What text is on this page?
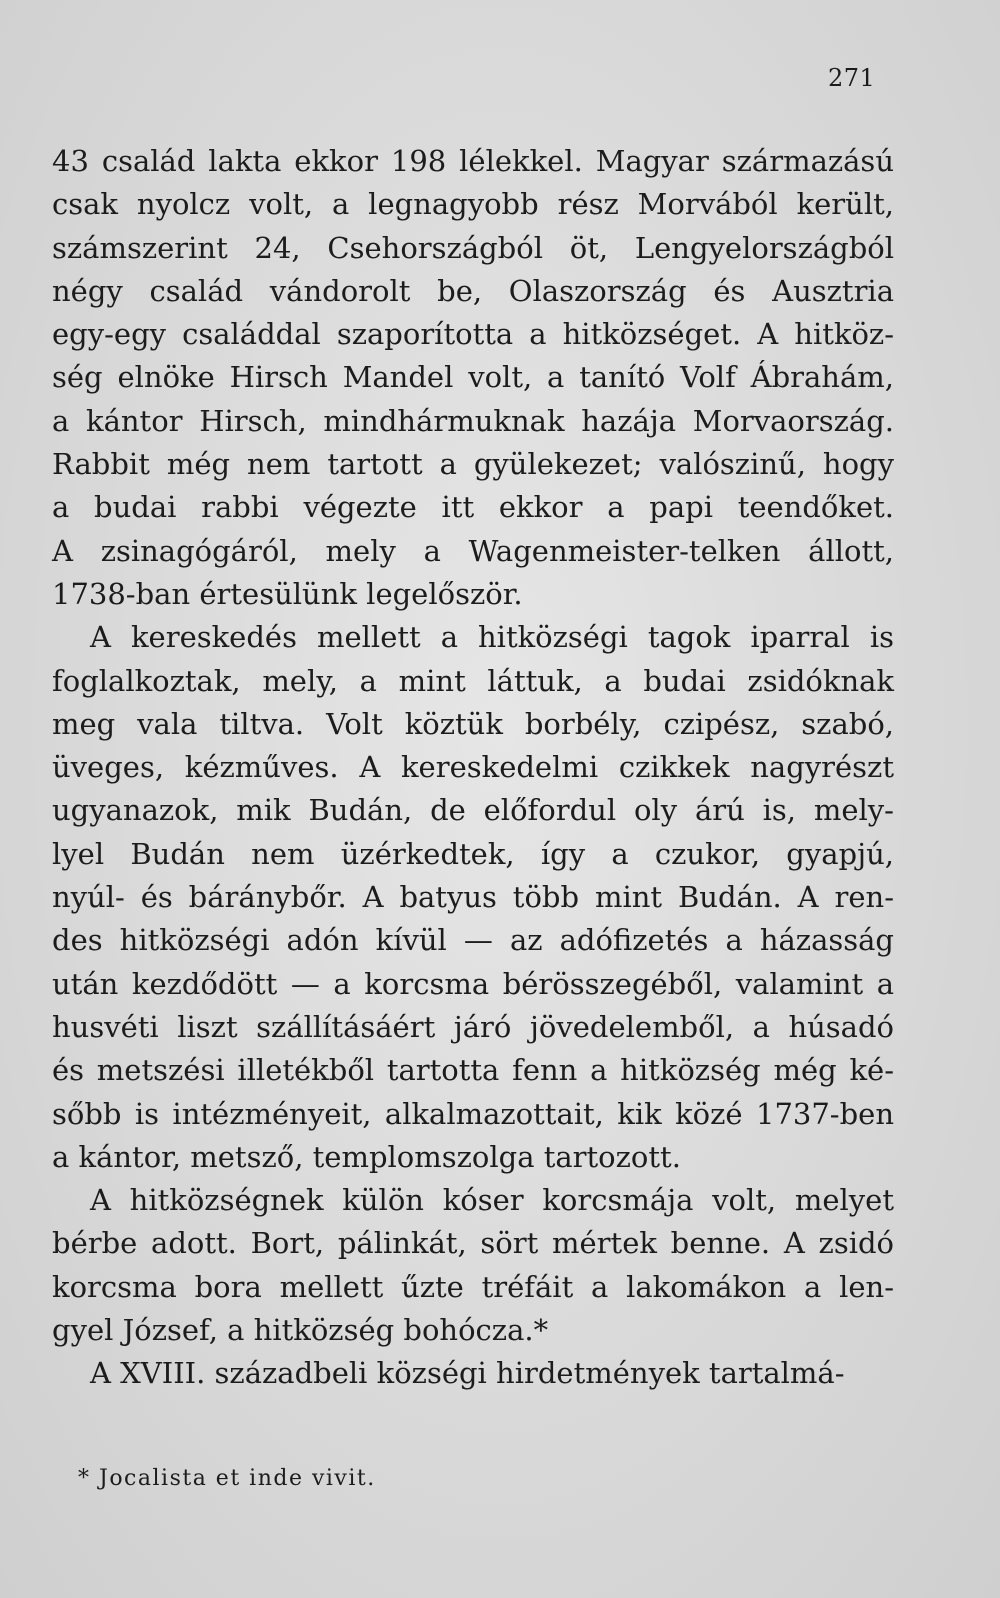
271
43 család lakta ekkor 198 lélekkel. Magyar származású
csak nyolcz volt, a legnagyobb rész Morvából került,
számszerint 24, Csehországból öt, Lengyelországból
négy család vándorolt be, Olaszország és Ausztria
egy-egy családdal szaporította a hitközséget. A hitköz-
ség elnöke Hirsch Mandel volt, a tanító Volf Ábrahám,
a kántor Hirsch, mindhármuknak hazája Morvaország.
Rabbit még nem tartott a gyülekezet; valószinű, hogy
a budai rabbi végezte itt ekkor a papi teendőket.
A zsinagógáról, mely a Wagenmeister-telken állott,
1738-ban értesülünk legelőször.
A kereskedés mellett a hitközségi tagok iparral is
foglalkoztak, mely, a mint láttuk, a budai zsidóknak
meg vala tiltva. Volt köztük borbély, czipész, szabó,
üveges, kézműves. A kereskedelmi czikkek nagyrészt
ugyanazok, mik Budán, de előfordul oly árú is, mely-
lyel Budán nem üzérkedtek, így a czukor, gyapjú,
nyúl- és báránybőr. A batyus több mint Budán. A ren-
des hitközségi adón kívül — az adófizetés a házasság
után kezdődött — a korcsma bérösszegéből, valamint a
husvéti liszt szállításáért járó jövedelemből, a húsadó
és metszési illetékből tartotta fenn a hitközség még ké-
sőbb is intézményeit, alkalmazottait, kik közé 1737-ben
a kántor, metsző, templomszolga tartozott.
A hitközségnek külön kóser korcsmája volt, melyet
bérbe adott. Bort, pálinkát, sört mértek benne. A zsidó
korcsma bora mellett űzte tréfáit a lakomákon a len-
gyel József, a hitközség bohócza.*
A XVIII. századbeli községi hirdetmények tartalmá-
* Jocalista et inde vivit.
